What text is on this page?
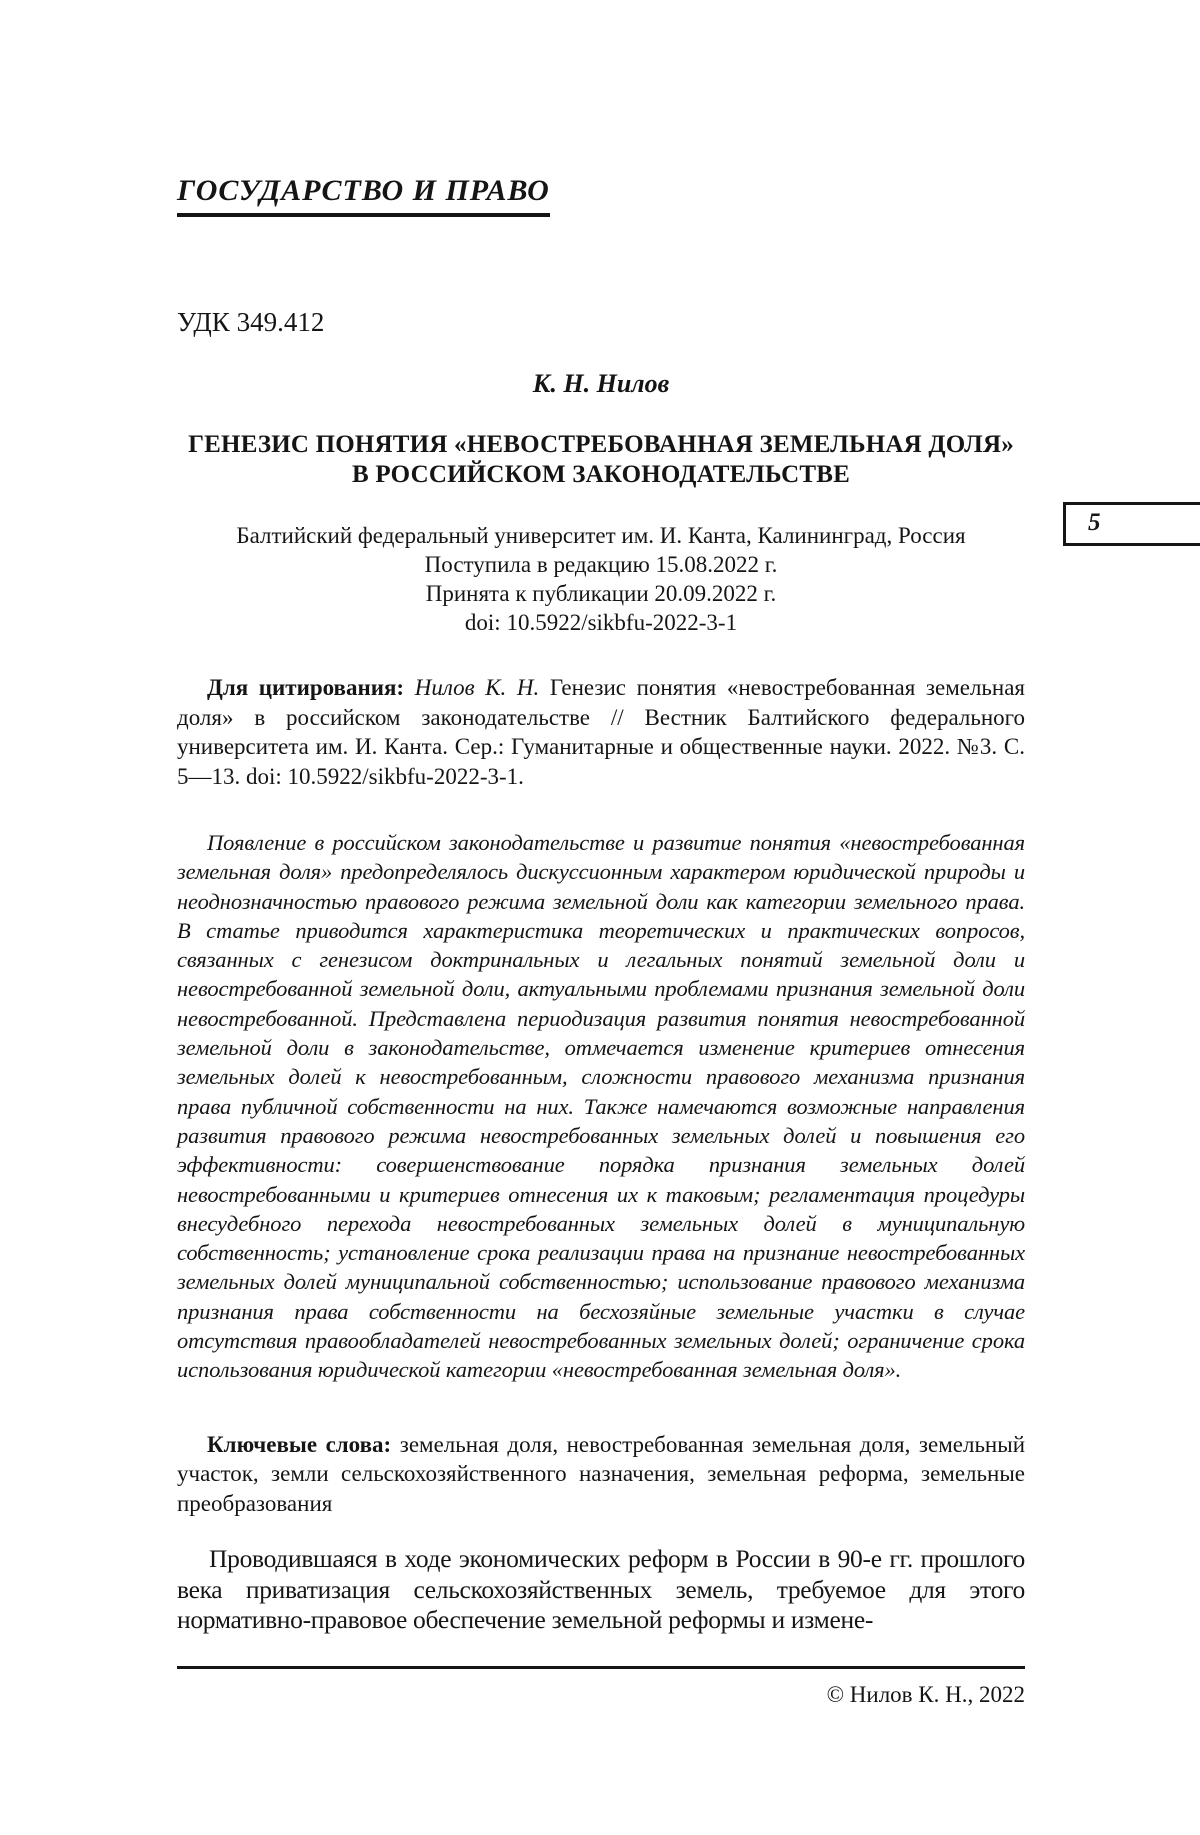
5
ГОСУДАРСТВО И ПРАВО
УДК 349.412
К. Н. Нилов
ГЕНЕЗИС ПОНЯТИЯ «НЕВОСТРЕБОВАННАЯ ЗЕМЕЛЬНАЯ ДОЛЯ»
В РОССИЙСКОМ ЗАКОНОДАТЕЛЬСТВЕ
Балтийский федеральный университет им. И. Канта, Калининград, Россия
Поступила в редакцию 15.08.2022 г.
Принята к публикации 20.09.2022 г.
doi: 10.5922/sikbfu-2022-3-1

Для цитирования: Нилов К. Н. Генезис понятия «невостребованная земельная доля» в российском законодательстве // Вестник Балтийского федерального университета им. И. Канта. Сер.: Гуманитарные и общественные науки. 2022. №3. С. 5—13. doi: 10.5922/sikbfu-2022-3-1.

Появление в российском законодательстве и развитие понятия «невостребованная земельная доля» предопределялось дискуссионным характером юридической природы и неоднозначностью правового режима земельной доли как категории земельного права. В статье приводится характеристика теоретических и практических вопросов, связанных с генезисом доктринальных и легальных понятий земельной доли и невостребованной земельной доли, актуальными проблемами признания земельной доли невостребованной. Представлена периодизация развития понятия невостребованной земельной доли в законодательстве, отмечается изменение критериев отнесения земельных долей к невостребованным, сложности правового механизма признания права публичной собственности на них. Также намечаются возможные направления развития правового режима невостребованных земельных долей и повышения его эффективности: совершенствование порядка признания земельных долей невостребованными и критериев отнесения их к таковым; регламентация процедуры внесудебного перехода невостребованных земельных долей в муниципальную собственность; установление срока реализации права на признание невостребованных земельных долей муниципальной собственностью; использование правового механизма признания права собственности на бесхозяйные земельные участки в случае отсутствия правообладателей невостребованных земельных долей; ограничение срока использования юридической категории «невостребованная земельная доля».

Ключевые слова: земельная доля, невостребованная земельная доля, земельный участок, земли сельскохозяйственного назначения, земельная реформа, земельные преобразования

Проводившаяся в ходе экономических реформ в России в 90-е гг. прошлого века приватизация сельскохозяйственных земель, требуемое для этого нормативно-правовое обеспечение земельной реформы и измене-

© Нилов К. Н., 2022
